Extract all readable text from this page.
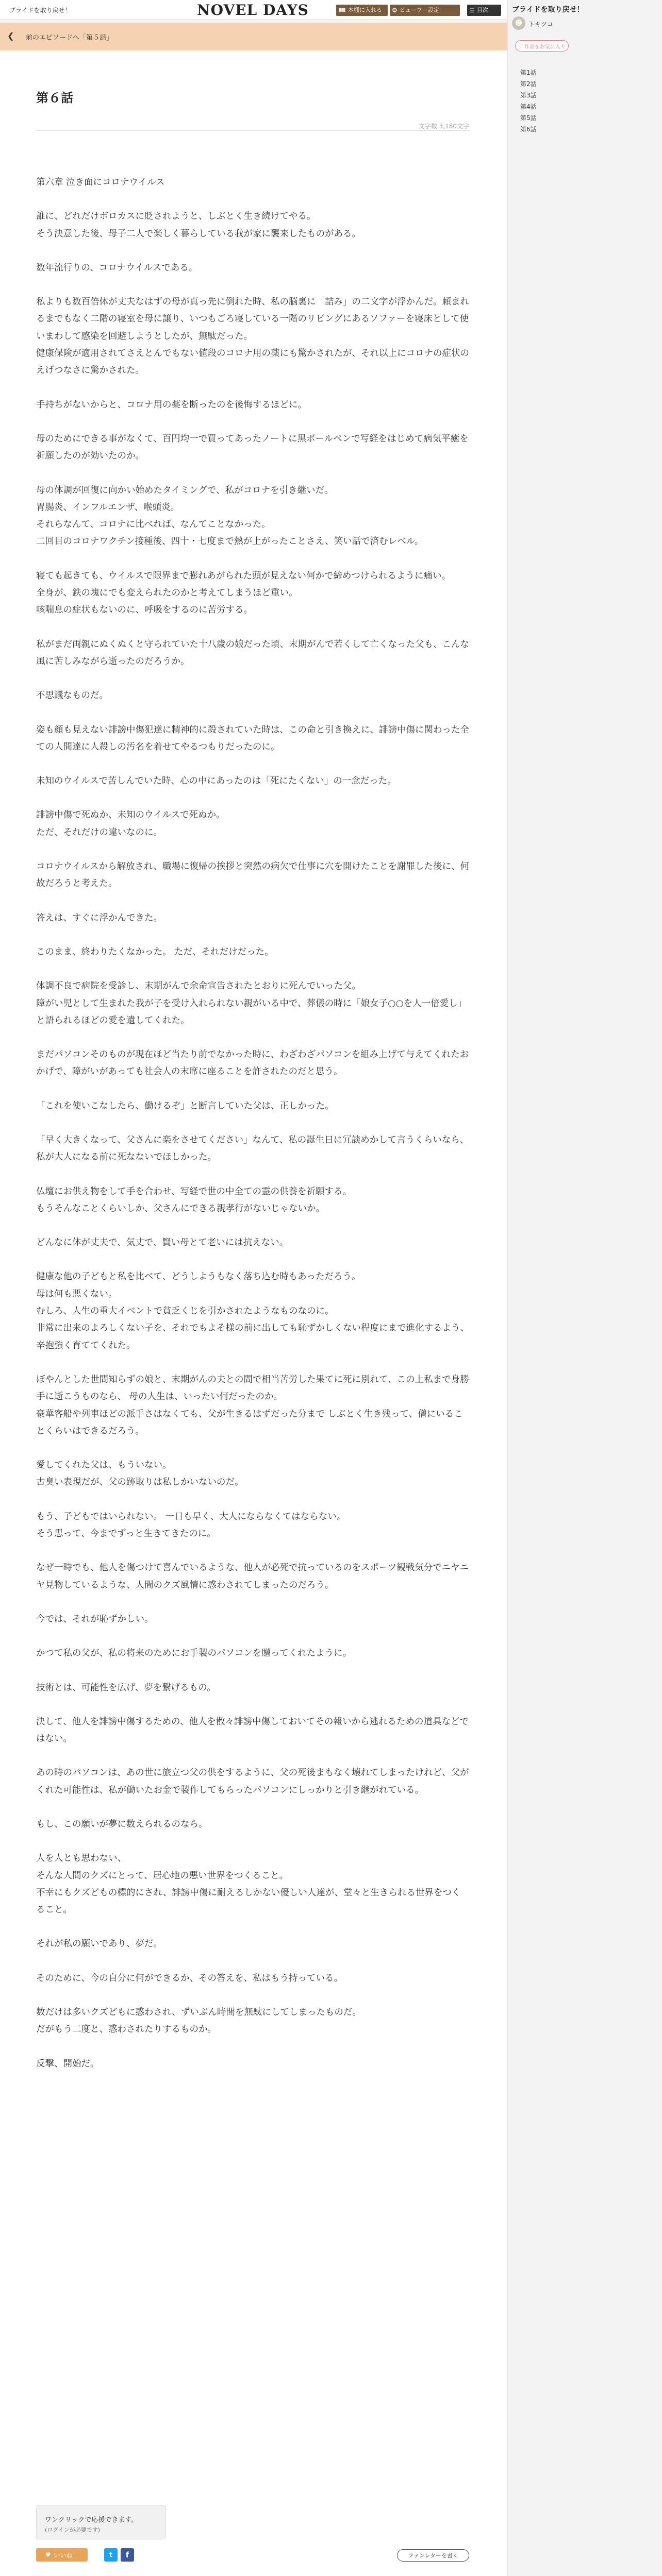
ブライドを取り戻せ！	NOVEL DAYS	📖 本棚に入れる ⚙ ビューワー設定	☰ 目次
❮ 前のエピソードへ「第５話」
第６話
文字数 3,180文字

第六章 泣き面にコロナウイルス

誰に、どれだけボロカスに貶されようと、しぶとく生き続けてやる。
そう決意した後、母子二人で楽しく暮らしている我が家に襲来したものがある。

数年流行りの、コロナウイルスである。

私よりも数百倍体が丈夫なはずの母が真っ先に倒れた時、私の脳裏に「詰み」の二文字が浮かんだ。頼まれるまでもなく二階の寝室を母に譲り、いつもごろ寝している一階のリビングにあるソファーを寝床として使いまわして感染を回避しようとしたが、無駄だった。
健康保険が適用されてさえとんでもない値段のコロナ用の薬にも驚かされたが、それ以上にコロナの症状のえげつなさに驚かされた。

手持ちがないからと、コロナ用の薬を断ったのを後悔するほどに。

母のためにできる事がなくて、百円均一で買ってあったノートに黒ボールペンで写経をはじめて病気平癒を祈願したのが効いたのか。

母の体調が回復に向かい始めたタイミングで、私がコロナを引き継いだ。
胃腸炎、インフルエンザ、喉頭炎。
それらなんて、コロナに比べれば、なんてことなかった。
二回目のコロナワクチン接種後、四十・七度まで熱が上がったことさえ、笑い話で済むレベル。

寝ても起きても、ウイルスで限界まで膨れあがられた頭が見えない何かで締めつけられるように痛い。
全身が、鉄の塊にでも変えられたのかと考えてしまうほど重い。
咳喘息の症状もないのに、呼吸をするのに苦労する。

私がまだ両親にぬくぬくと守られていた十八歳の娘だった頃、末期がんで若くして亡くなった父も、こんな風に苦しみながら逝ったのだろうか。

不思議なものだ。

姿も顔も見えない誹謗中傷犯達に精神的に殺されていた時は、この命と引き換えに、誹謗中傷に関わった全ての人間達に人殺しの汚名を着せてやるつもりだったのに。

未知のウイルスで苦しんでいた時、心の中にあったのは「死にたくない」の一念だった。

誹謗中傷で死ぬか、未知のウイルスで死ぬか。
ただ、それだけの違いなのに。

コロナウイルスから解放され、職場に復帰の挨拶と突然の病欠で仕事に穴を開けたことを謝罪した後に、何故だろうと考えた。

答えは、すぐに浮かんできた。

このまま、終わりたくなかった。 ただ、それだけだった。

体調不良で病院を受診し、末期がんで余命宣告されたとおりに死んでいった父。
障がい児として生まれた我が子を受け入れられない親がいる中で、葬儀の時に「娘女子○○を人一倍愛し」と語られるほどの愛を遺してくれた。

まだパソコンそのものが現在ほど当たり前でなかった時に、わざわざパソコンを組み上げて与えてくれたおかげで、障がいがあっても社会人の末席に座ることを許されたのだと思う。

「これを使いこなしたら、働けるぞ」と断言していた父は、正しかった。

「早く大きくなって、父さんに楽をさせてください」なんて、私の誕生日に冗談めかして言うくらいなら、私が大人になる前に死なないでほしかった。

仏壇にお供え物をして手を合わせ、写経で世の中全ての霊の供養を祈願する。
もうそんなことくらいしか、父さんにできる親孝行がないじゃないか。

どんなに体が丈夫で、気丈で、賢い母とて老いには抗えない。

健康な他の子どもと私を比べて、どうしようもなく落ち込む時もあっただろう。
母は何も悪くない。
むしろ、人生の重大イベントで貧乏くじを引かされたようなものなのに。
非常に出来のよろしくない子を、それでもよそ様の前に出しても恥ずかしくない程度にまで進化するよう、辛抱強く育ててくれた。

ぼやんとした世間知らずの娘と、末期がんの夫との間で相当苦労した果てに死に別れて、この上私まで身勝手に逝こうものなら、 母の人生は、いったい何だったのか。
豪華客船や列車ほどの派手さはなくても、父が生きるはずだった分まで しぶとく生き残って、僧にいることくらいはできるだろう。

愛してくれた父は、もういない。
古臭い表現だが、父の跡取りは私しかいないのだ。

もう、子どもではいられない。 一日も早く、大人にならなくてはならない。
そう思って、今までずっと生きてきたのに。

なぜ一時でも、他人を傷つけて喜んでいるような、他人が必死で抗っているのをスポーツ観戦気分でニヤニヤ見物しているような、人間のクズ風情に惑わされてしまったのだろう。

今では、それが恥ずかしい。

かつて私の父が、私の将来のためにお手製のパソコンを贈ってくれたように。

技術とは、可能性を広げ、夢を繋げるもの。

決して、他人を誹謗中傷するための、他人を散々誹謗中傷しておいてその報いから逃れるための道具などではない。

あの時のパソコンは、あの世に旅立つ父の供をするように、父の死後まもなく壊れてしまったけれど、父がくれた可能性は、私が働いたお金で製作してもらったパソコンにしっかりと引き継がれている。

もし、この願いが夢に数えられるのなら。

人を人とも思わない、
そんな人間のクズにとって、居心地の悪い世界をつくること。
不幸にもクズどもの標的にされ、誹謗中傷に耐えるしかない優しい人達が、堂々と生きられる世界をつくること。

それが私の願いであり、夢だ。

そのために、今の自分に何ができるか、その答えを、私はもう持っている。

数だけは多いクズどもに惑わされ、ずいぶん時間を無駄にしてしまったものだ。
だがもう二度と、惑わされたりするものか。

反撃、開始だ。

ワンクリックで応援できます。
(ログインが必要です)
♥ いいね！	t	f	ファンレターを書く
ブライドを取り戻せ！
☻ トキツコ
♡ 作品をお気に入り
第1話
第2話
第3話
第4話
第5話
第6話
